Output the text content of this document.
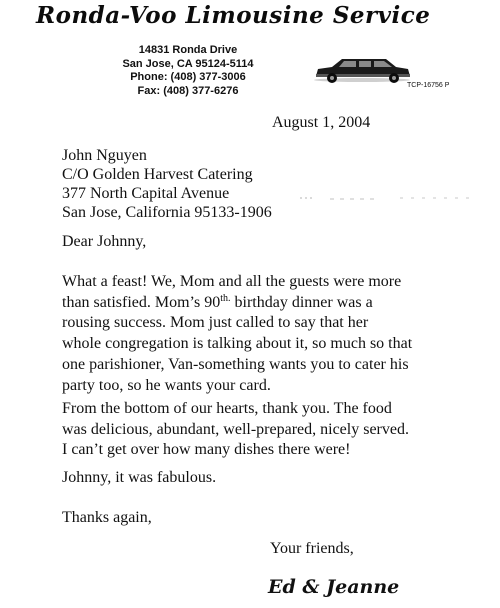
Ronda-Voo Limousine Service
14831 Ronda Drive
San Jose, CA 95124-5114
Phone: (408) 377-3006
Fax: (408) 377-6276	TCP-16756 P
August 1, 2004
John Nguyen
C/O Golden Harvest Catering
377 North Capital Avenue
San Jose, California 95133-1906
Dear Johnny,
What a feast! We, Mom and all the guests were more
than satisfied. Mom’s $90^{th.}$ birthday dinner was a
rousing success. Mom just called to say that her
whole congregation is talking about it, so much so that
one parishioner, Van-something wants you to cater his
party too, so he wants your card.
From the bottom of our hearts, thank you. The food
was delicious, abundant, well-prepared, nicely served.
I can’t get over how many dishes there were!
Johnny, it was fabulous.
Thanks again,
Your friends,
Ed & Jeanne
